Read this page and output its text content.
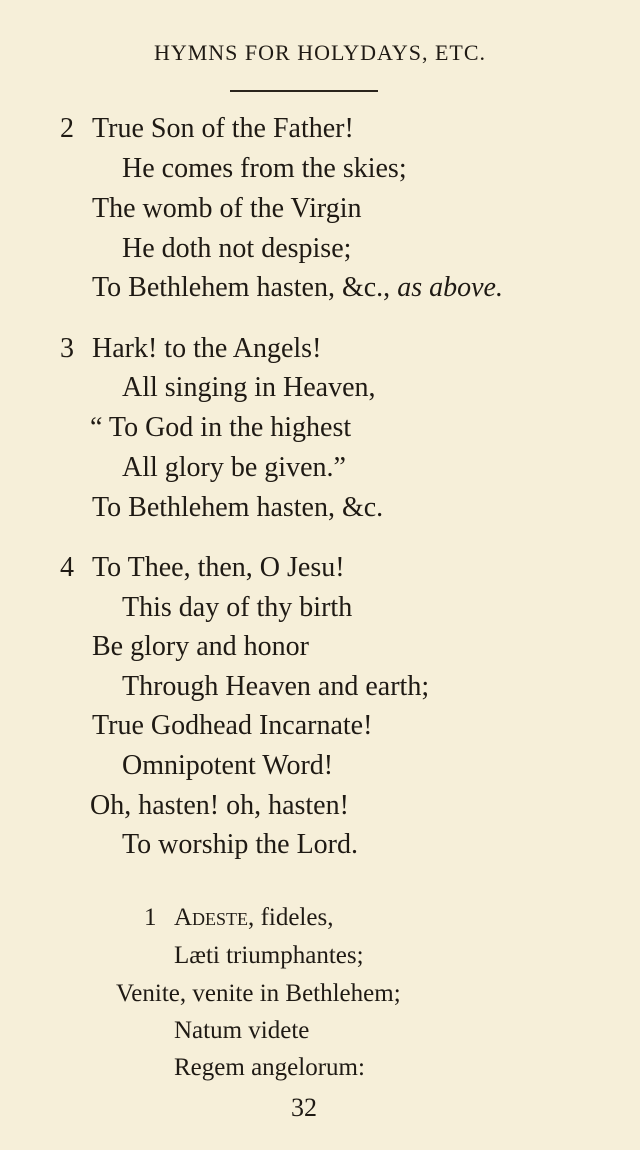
HYMNS FOR HOLYDAYS, ETC.
2 True Son of the Father!
He comes from the skies;
The womb of the Virgin
He doth not despise;
To Bethlehem hasten, &c., as above.
3 Hark! to the Angels!
All singing in Heaven,
“ To God in the highest
All glory be given.”
To Bethlehem hasten, &c.
4 To Thee, then, O Jesu!
This day of thy birth
Be glory and honor
Through Heaven and earth;
True Godhead Incarnate!
Omnipotent Word!
Oh, hasten! oh, hasten!
To worship the Lord.
1 Adeste, fideles,
Læti triumphantes;
Venite, venite in Bethlehem;
Natum videte
Regem angelorum:
32
